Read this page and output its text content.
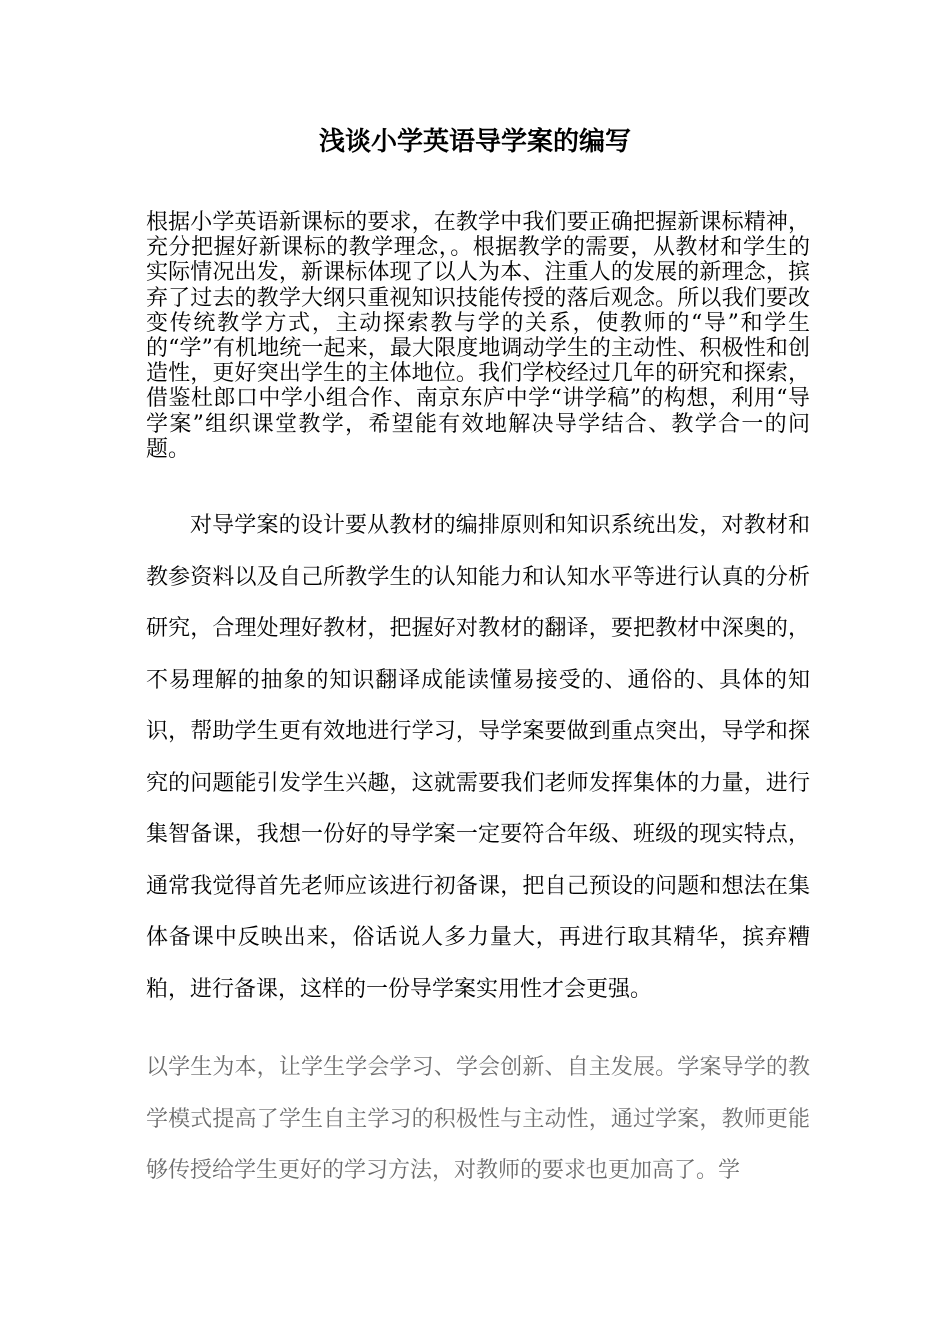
浅谈小学英语导学案的编写

根据小学英语新课标的要求，在教学中我们要正确把握新课标精神，充分把握好新课标的教学理念，。根据教学的需要，从教材和学生的实际情况出发，新课标体现了以人为本、注重人的发展的新理念，摈弃了过去的教学大纲只重视知识技能传授的落后观念。所以我们要改变传统教学方式，主动探索教与学的关系，使教师的“导”和学生的“学”有机地统一起来，最大限度地调动学生的主动性、积极性和创造性，更好突出学生的主体地位。我们学校经过几年的研究和探索，借鉴杜郎口中学小组合作、南京东庐中学“讲学稿”的构想，利用“导学案”组织课堂教学，希望能有效地解决导学结合、教学合一的问题。

对导学案的设计要从教材的编排原则和知识系统出发，对教材和教参资料以及自己所教学生的认知能力和认知水平等进行认真的分析研究，合理处理好教材，把握好对教材的翻译，要把教材中深奥的，不易理解的抽象的知识翻译成能读懂易接受的、通俗的、具体的知识，帮助学生更有效地进行学习，导学案要做到重点突出，导学和探究的问题能引发学生兴趣，这就需要我们老师发挥集体的力量，进行集智备课，我想一份好的导学案一定要符合年级、班级的现实特点，通常我觉得首先老师应该进行初备课，把自己预设的问题和想法在集体备课中反映出来，俗话说人多力量大，再进行取其精华，摈弃糟粕，进行备课，这样的一份导学案实用性才会更强。

以学生为本，让学生学会学习、学会创新、自主发展。学案导学的教学模式提高了学生自主学习的积极性与主动性，通过学案，教师更能够传授给学生更好的学习方法，对教师的要求也更加高了。学
